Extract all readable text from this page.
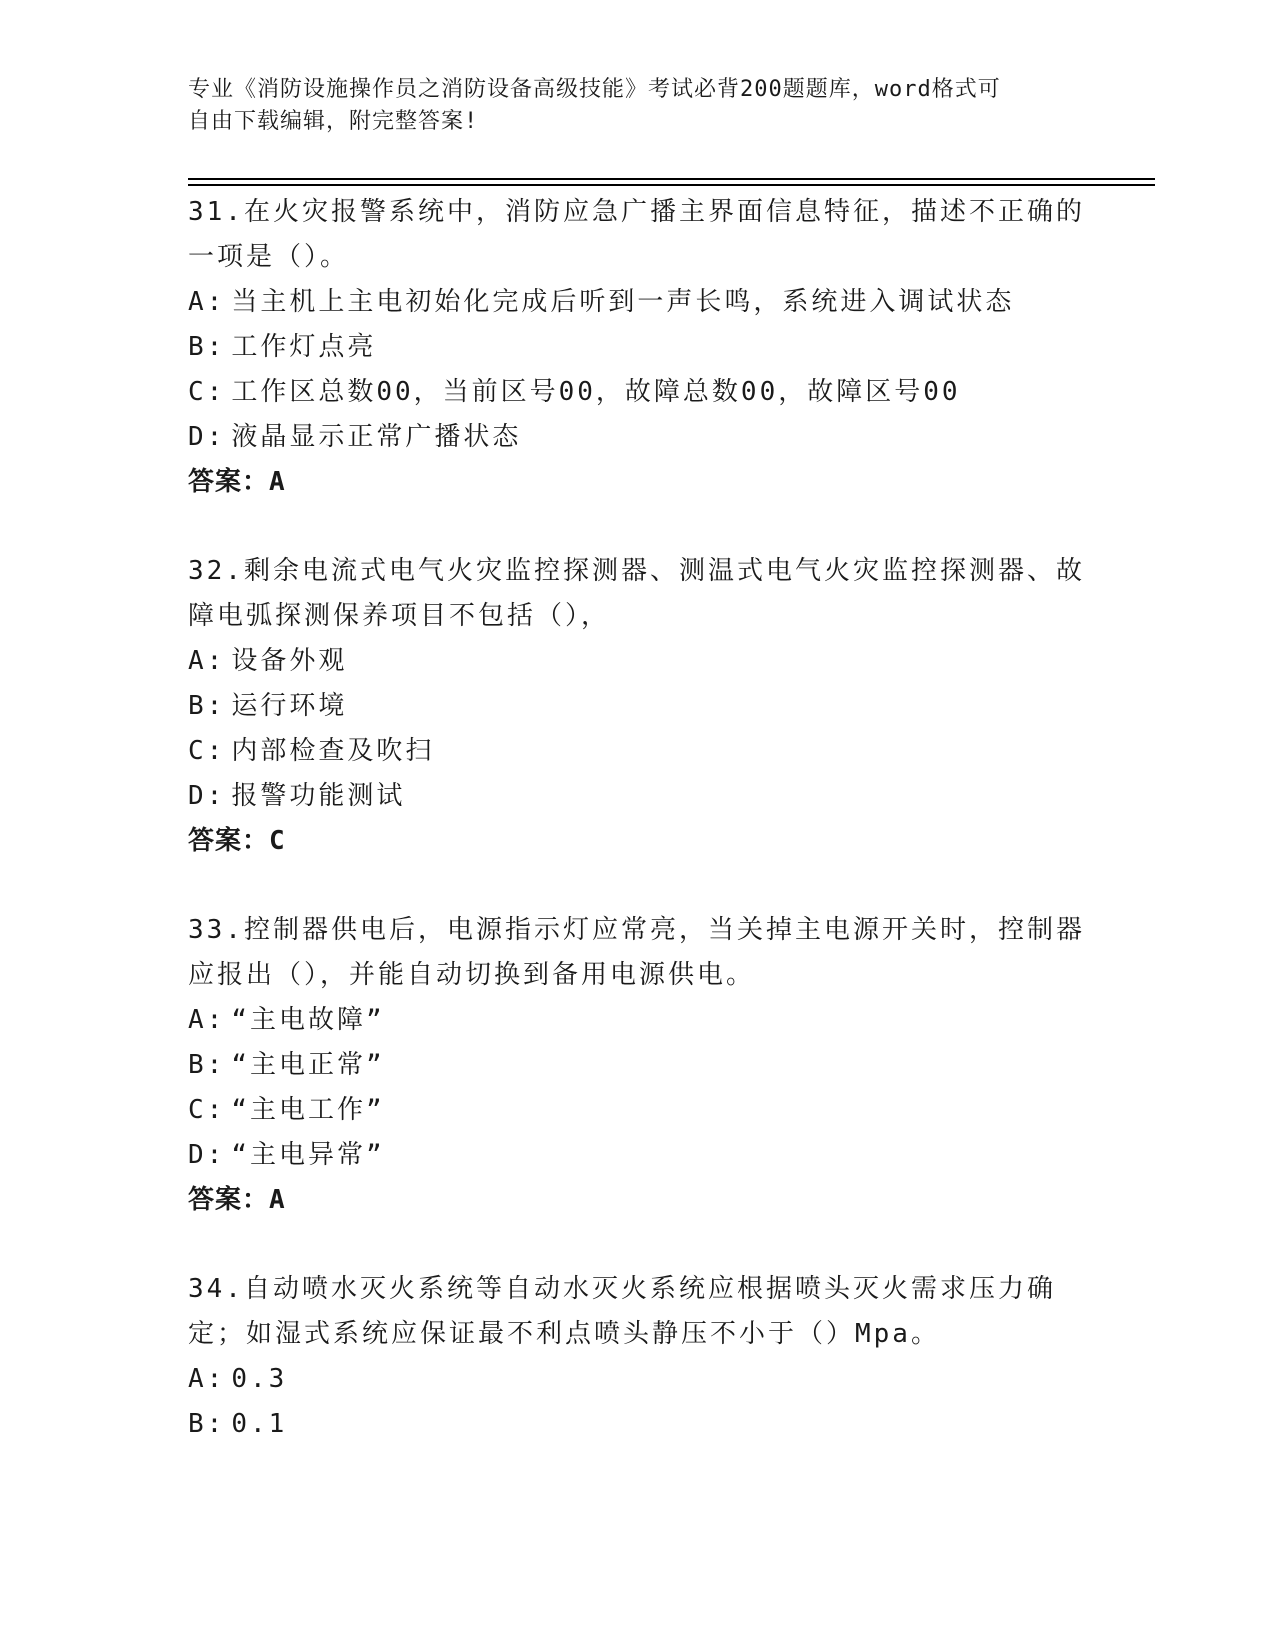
专业《消防设施操作员之消防设备高级技能》考试必背200题题库，word格式可
自由下载编辑，附完整答案!

31.在火灾报警系统中，消防应急广播主界面信息特征，描述不正确的一项是（）。

A: 当主机上主电初始化完成后听到一声长鸣，系统进入调试状态

B: 工作灯点亮

C: 工作区总数00，当前区号00，故障总数00，故障区号00

D: 液晶显示正常广播状态

答案：A

32.剩余电流式电气火灾监控探测器、测温式电气火灾监控探测器、故障电弧探测保养项目不包括（），

A: 设备外观

B: 运行环境

C: 内部检查及吹扫

D: 报警功能测试

答案：C

33.控制器供电后，电源指示灯应常亮，当关掉主电源开关时，控制器应报出（），并能自动切换到备用电源供电。

A: “主电故障”

B: “主电正常”

C: “主电工作”

D: “主电异常”

答案：A

34.自动喷水灭火系统等自动水灭火系统应根据喷头灭火需求压力确定；如湿式系统应保证最不利点喷头静压不小于（）Mpa。

A: 0.3

B: 0.1
